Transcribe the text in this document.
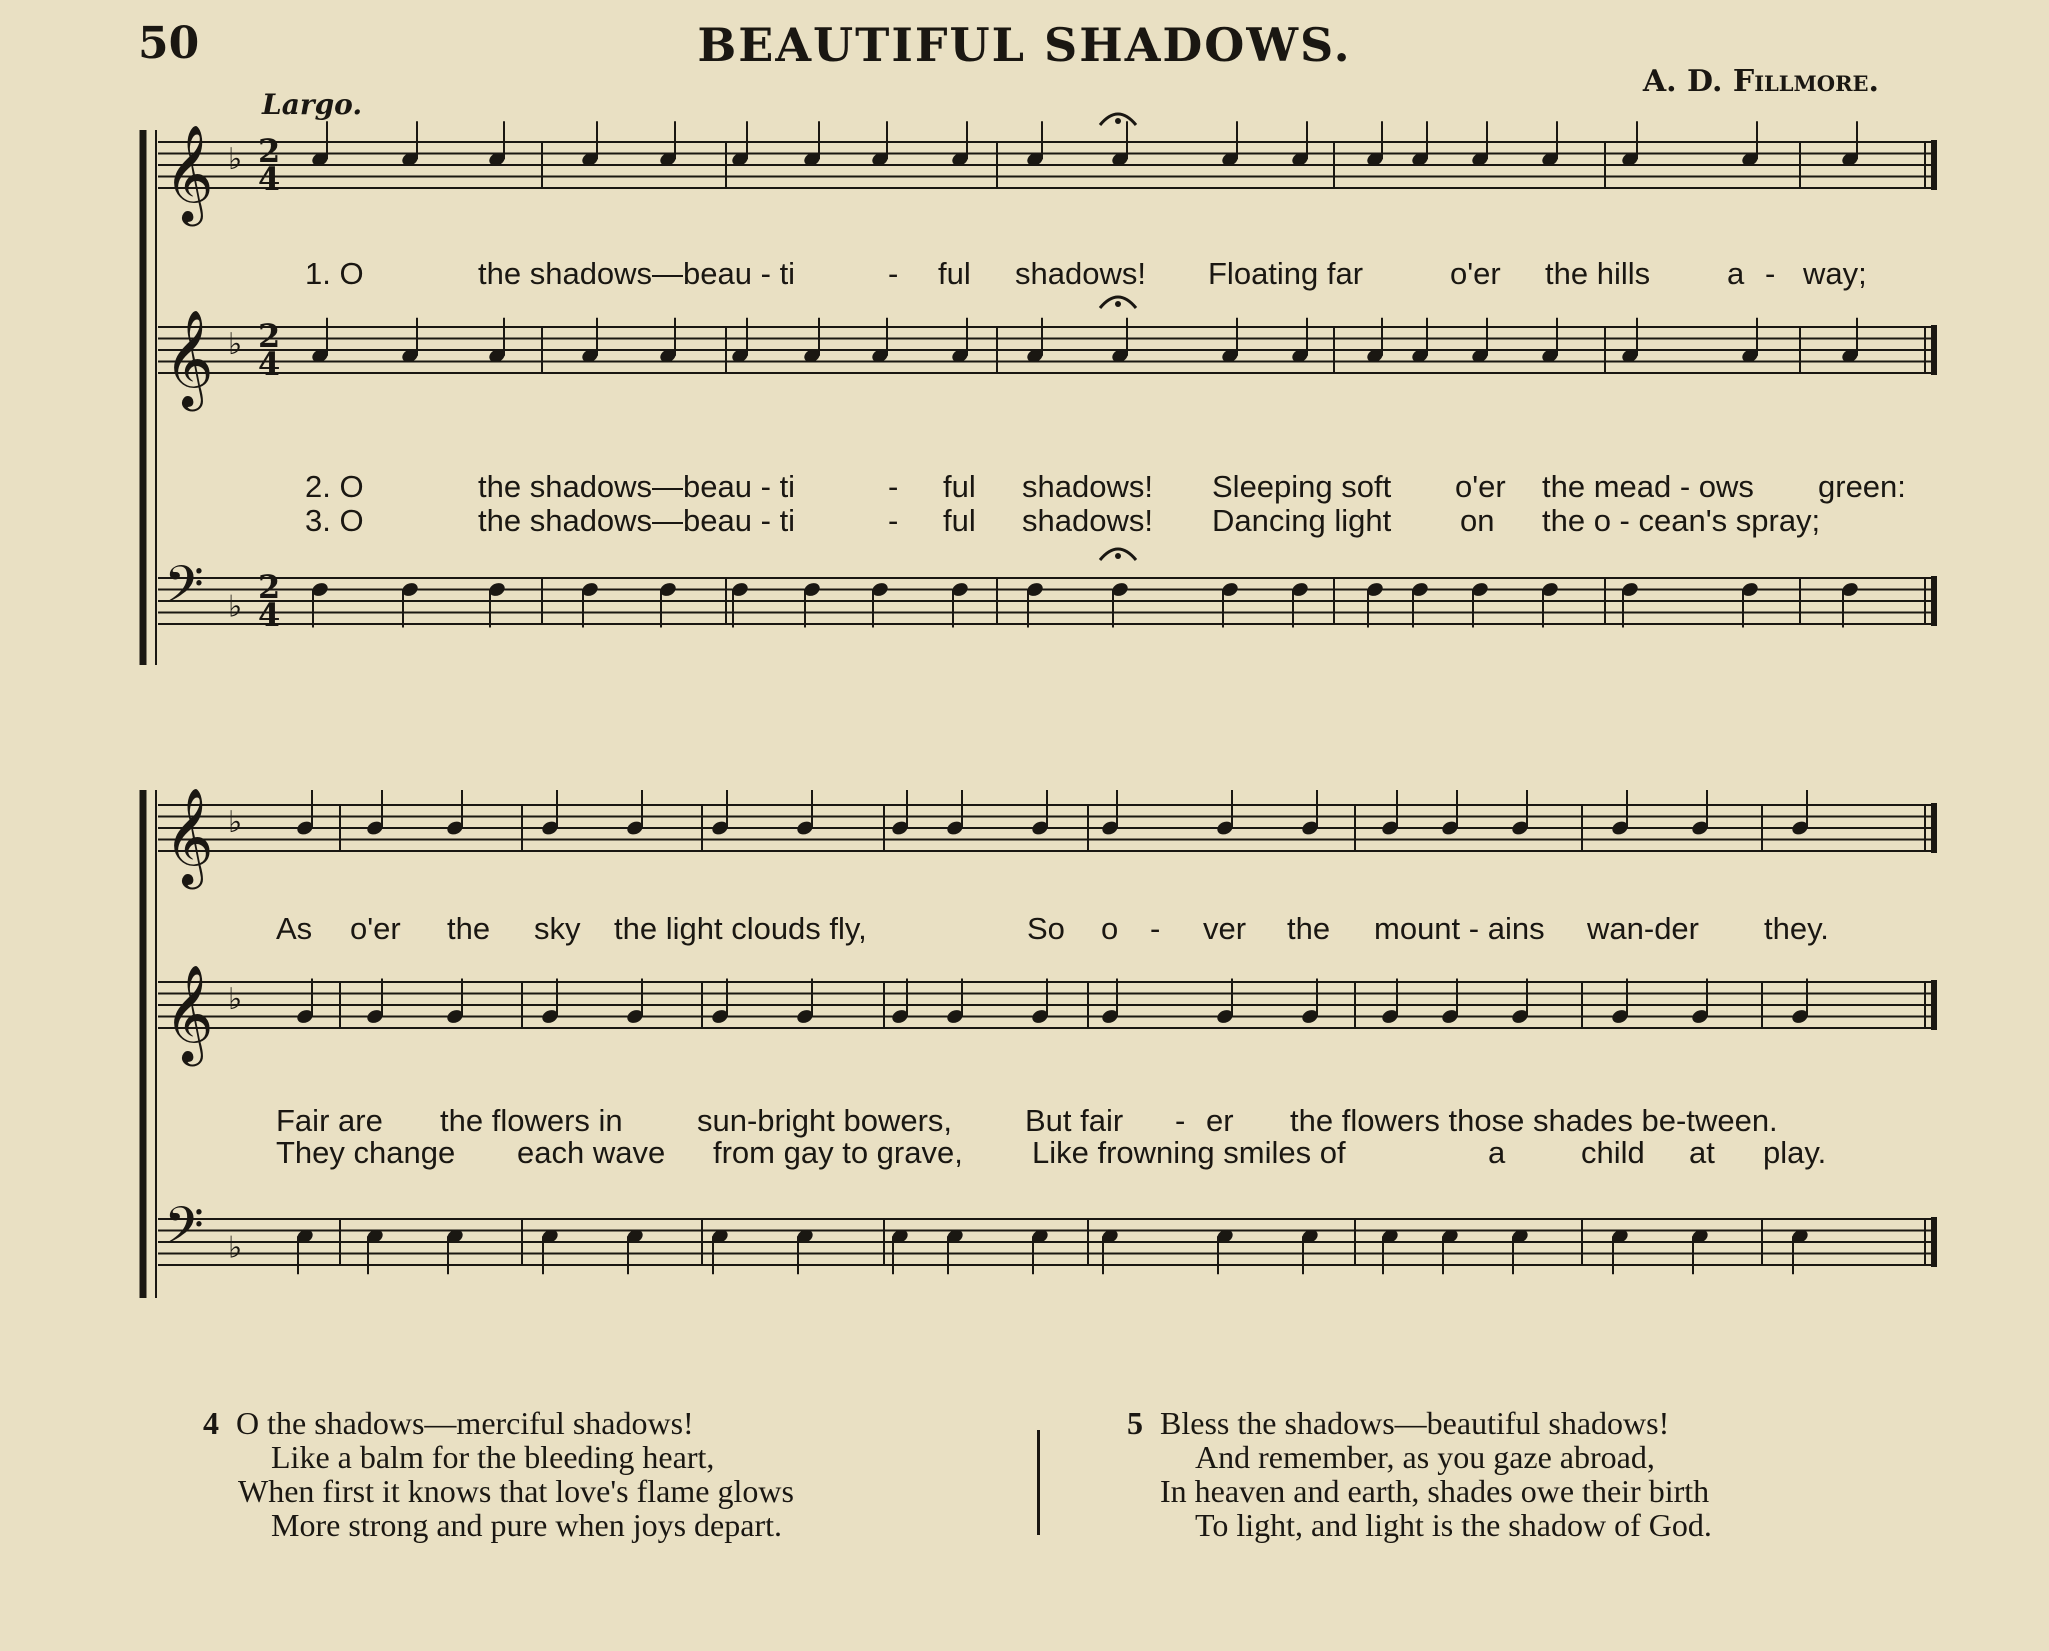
50	BEAUTIFUL SHADOWS.
A. D. Fillmore.
Largo.
𝄞 ♭
𝄞 ♭
𝄢 ♭
2
4
2
4
2
4
𝄞 ♭
𝄞 ♭
𝄢 ♭
1. O	the shadows—beau - ti	- ful shadows! Floating far	o'er the hills a - way;
2. O	the shadows—beau - ti	- ful shadows! Sleeping soft o'er the mead - ows green:
3. O	the shadows—beau - ti	- ful shadows! Dancing light on the o - cean's spray;
As o'er the sky the light clouds fly,	So o - ver the mount - ains wan-der they.
Fair are the flowers in sun-bright bowers, But fair - er the flowers those shades be-tween.
They change each wave from gay to grave, Like frowning smiles of	a child at play.
4 O the shadows—merciful shadows!
Like a balm for the bleeding heart,
When first it knows that love's flame glows
More strong and pure when joys depart.
5 Bless the shadows—beautiful shadows!
And remember, as you gaze abroad,
In heaven and earth, shades owe their birth
To light, and light is the shadow of God.
